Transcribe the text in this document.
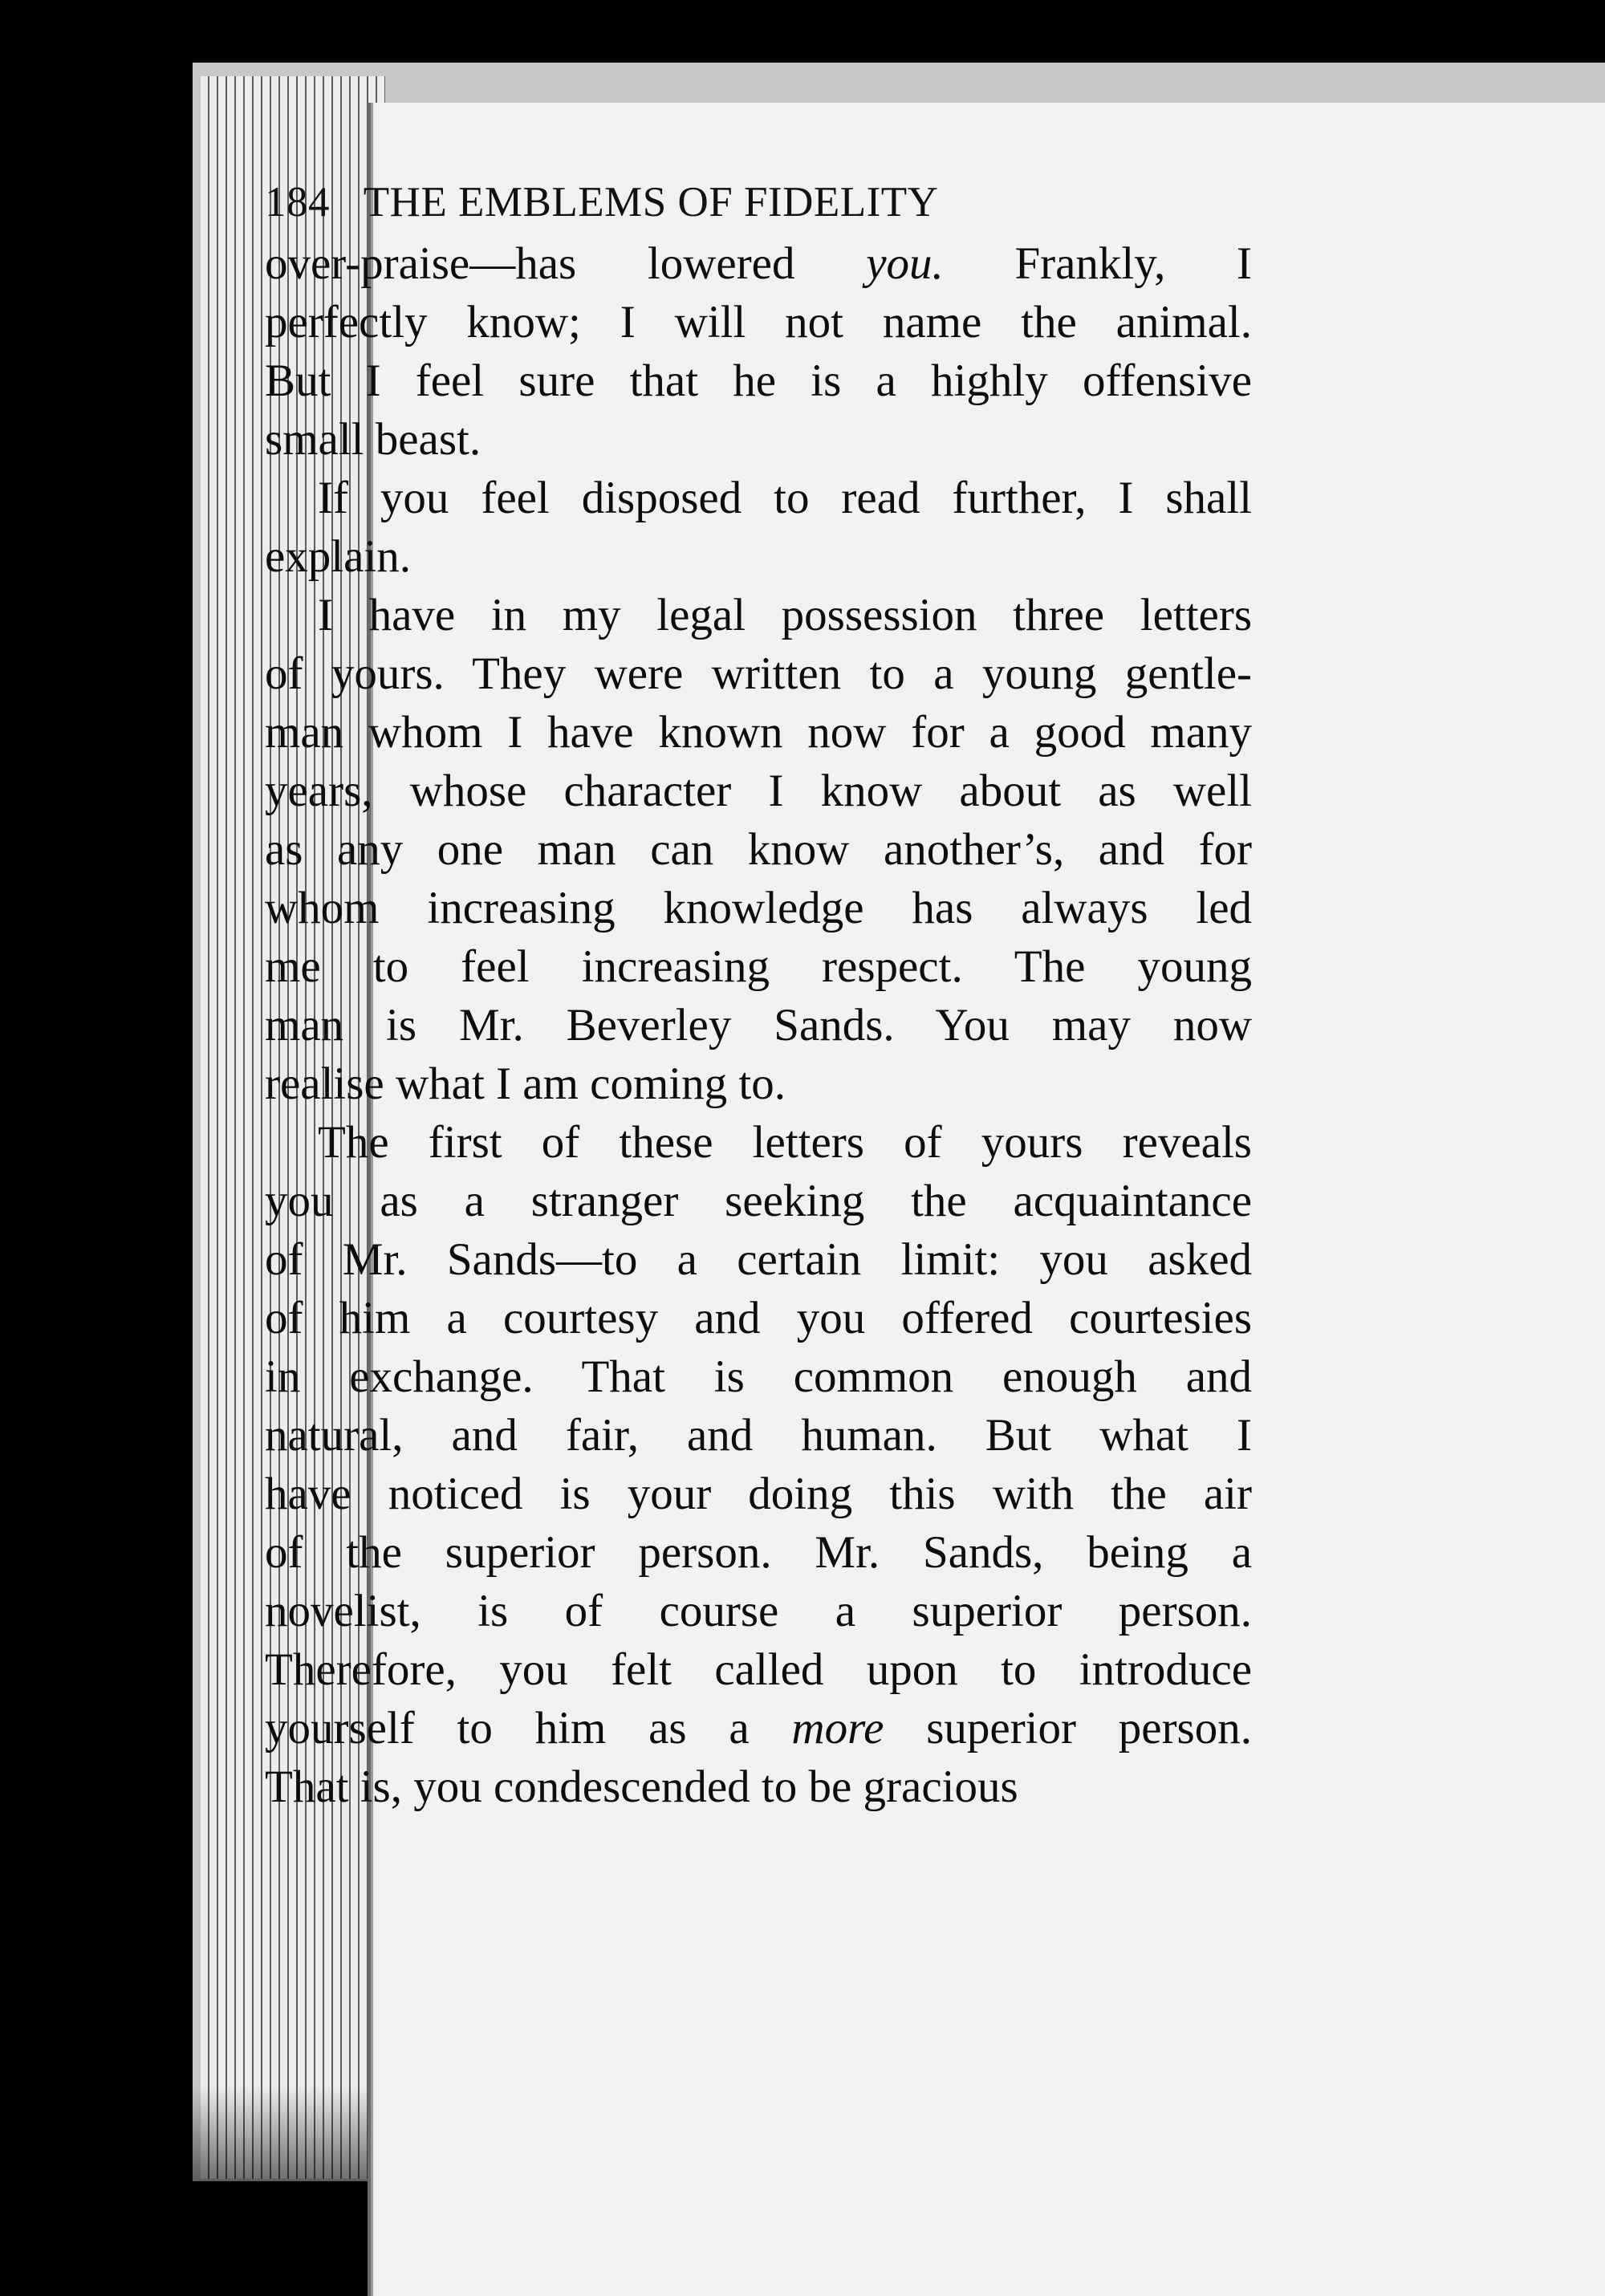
184 THE EMBLEMS OF FIDELITY
over-praise—has lowered you. Frankly, I
perfectly know; I will not name the animal.
But I feel sure that he is a highly offensive
small beast.
If you feel disposed to read further, I shall
explain.
I have in my legal possession three letters
of yours. They were written to a young gentle-
man whom I have known now for a good many
years, whose character I know about as well
as any one man can know another’s, and for
whom increasing knowledge has always led
me to feel increasing respect. The young
man is Mr. Beverley Sands. You may now
realise what I am coming to.
The first of these letters of yours reveals
you as a stranger seeking the acquaintance
of Mr. Sands—to a certain limit: you asked
of him a courtesy and you offered courtesies
in exchange. That is common enough and
natural, and fair, and human. But what I
have noticed is your doing this with the air
of the superior person. Mr. Sands, being a
novelist, is of course a superior person.
Therefore, you felt called upon to introduce
yourself to him as a more superior person.
That is, you condescended to be gracious
